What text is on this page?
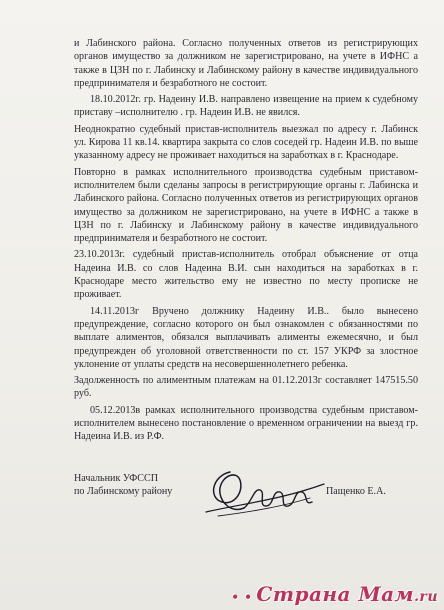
и Лабинского района. Согласно полученных ответов из регистрирующих органов имущество за должником не зарегистрировано, на учете в ИФНС а также в ЦЗН по г. Лабинску и Лабинскому району в качестве индивидуального предпринимателя и безработного не состоит.

18.10.2012г. гр. Надеину И.В. направлено извещение на прием к судебному приставу –исполнителю . гр. Надеин И.В. не явился.

Неоднократно судебный пристав-исполнитель выезжал по адресу г. Лабинск ул. Кирова 11 кв.14. квартира закрыта со слов соседей гр. Надеин И.В. по выше указанному адресу не проживает находиться на заработках в г. Краснодаре.

Повторно в рамках исполнительного производства судебным приставом-исполнителем были сделаны запросы в регистрирующие органы г. Лабинска и Лабинского района. Согласно полученных ответов из регистрирующих органов имущество за должником не зарегистрировано, на учете в ИФНС а также в ЦЗН по г. Лабинску и Лабинскому району в качестве индивидуального предпринимателя и безработного не состоит.

23.10.2013г. судебный пристав-исполнитель отобрал объяснение от отца Надеина И.В. со слов Надеина В.И. сын находиться на заработках в г. Краснодаре место жительство ему не известно по месту прописке не проживает.

14.11.2013г Вручено должнику Надеину И.В.. было вынесено предупреждение, согласно которого он был ознакомлен с обязанностями по выплате алиментов, обязался выплачивать алименты ежемесячно, и был предупрежден об уголовной ответственности по ст. 157 УКРФ за злостное уклонение от уплаты средств на несовершеннолетнего ребенка.

Задолженность по алиментным платежам на 01.12.2013г составляет 147515.50 руб.

05.12.2013в рамках исполнительного производства судебным приставом-исполнителем вынесено постановление о временном ограничении на выезд гр. Надеина И.В. из Р.Ф.

Начальник УФССП
по Лабинскому району	Пащенко Е.А.
• • Страна Мам.ru
